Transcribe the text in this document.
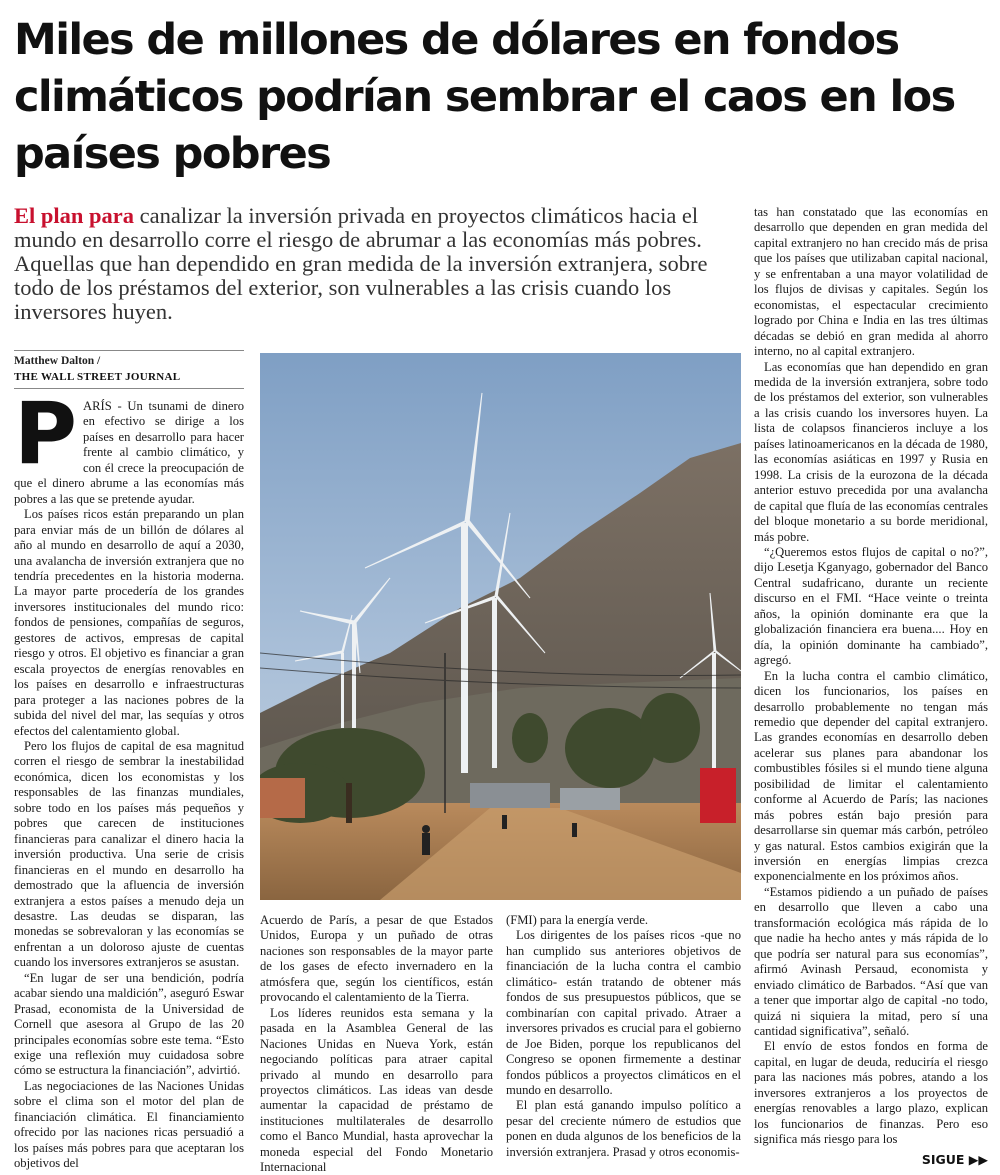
Miles de millones de dólares en fondos climáticos podrían sembrar el caos en los países pobres
El plan para canalizar la inversión privada en proyectos climáticos hacia el mundo en desarrollo corre el riesgo de abrumar a las economías más pobres. Aquellas que han dependido en gran medida de la inversión extranjera, sobre todo de los préstamos del exterior, son vulnerables a las crisis cuando los inversores huyen.
Matthew Dalton /
THE WALL STREET JOURNAL

PARÍS - Un tsunami de dinero en efectivo se dirige a los países en desarrollo para hacer frente al cambio climático, y con él crece la preocupación de que el dinero abrume a las economías más pobres a las que se pretende ayudar.

Los países ricos están preparando un plan para enviar más de un billón de dólares al año al mundo en desarrollo de aquí a 2030, una avalancha de inversión extranjera que no tendría precedentes en la historia moderna. La mayor parte procedería de los grandes inversores institucionales del mundo rico: fondos de pensiones, compañías de seguros, gestores de activos, empresas de capital riesgo y otros. El objetivo es financiar a gran escala proyectos de energías renovables en los países en desarrollo e infraestructuras para proteger a las naciones pobres de la subida del nivel del mar, las sequías y otros efectos del calentamiento global.

Pero los flujos de capital de esa magnitud corren el riesgo de sembrar la inestabilidad económica, dicen los economistas y los responsables de las finanzas mundiales, sobre todo en los países más pequeños y pobres que carecen de instituciones financieras para canalizar el dinero hacia la inversión productiva. Una serie de crisis financieras en el mundo en desarrollo ha demostrado que la afluencia de inversión extranjera a estos países a menudo deja un desastre. Las deudas se disparan, las monedas se sobrevaloran y las economías se enfrentan a un doloroso ajuste de cuentas cuando los inversores extranjeros se asustan.

“En lugar de ser una bendición, podría acabar siendo una maldición”, aseguró Eswar Prasad, economista de la Universidad de Cornell que asesora al Grupo de las 20 principales economías sobre este tema. “Esto exige una reflexión muy cuidadosa sobre cómo se estructura la financiación”, advirtió.

Las negociaciones de las Naciones Unidas sobre el clima son el motor del plan de financiación climática. El financiamiento ofrecido por las naciones ricas persuadió a los países más pobres para que aceptaran los objetivos del

Acuerdo de París, a pesar de que Estados Unidos, Europa y un puñado de otras naciones son responsables de la mayor parte de los gases de efecto invernadero en la atmósfera que, según los científicos, están provocando el calentamiento de la Tierra.

Los líderes reunidos esta semana y la pasada en la Asamblea General de las Naciones Unidas en Nueva York, están negociando políticas para atraer capital privado al mundo en desarrollo para proyectos climáticos. Las ideas van desde aumentar la capacidad de préstamo de instituciones multilaterales de desarrollo como el Banco Mundial, hasta aprovechar la moneda especial del Fondo Monetario Internacional

(FMI) para la energía verde.

Los dirigentes de los países ricos -que no han cumplido sus anteriores objetivos de financiación de la lucha contra el cambio climático- están tratando de obtener más fondos de sus presupuestos públicos, que se combinarían con capital privado. Atraer a inversores privados es crucial para el gobierno de Joe Biden, porque los republicanos del Congreso se oponen firmemente a destinar fondos públicos a proyectos climáticos en el mundo en desarrollo.

El plan está ganando impulso político a pesar del creciente número de estudios que ponen en duda algunos de los beneficios de la inversión extranjera. Prasad y otros economis-

tas han constatado que las economías en desarrollo que dependen en gran medida del capital extranjero no han crecido más de prisa que los países que utilizaban capital nacional, y se enfrentaban a una mayor volatilidad de los flujos de divisas y capitales. Según los economistas, el espectacular crecimiento logrado por China e India en las tres últimas décadas se debió en gran medida al ahorro interno, no al capital extranjero.

Las economías que han dependido en gran medida de la inversión extranjera, sobre todo de los préstamos del exterior, son vulnerables a las crisis cuando los inversores huyen. La lista de colapsos financieros incluye a los países latinoamericanos en la década de 1980, las economías asiáticas en 1997 y Rusia en 1998. La crisis de la eurozona de la década anterior estuvo precedida por una avalancha de capital que fluía de las economías centrales del bloque monetario a su borde meridional, más pobre.

“¿Queremos estos flujos de capital o no?”, dijo Lesetja Kganyago, gobernador del Banco Central sudafricano, durante un reciente discurso en el FMI. “Hace veinte o treinta años, la opinión dominante era que la globalización financiera era buena.... Hoy en día, la opinión dominante ha cambiado”, agregó.

En la lucha contra el cambio climático, dicen los funcionarios, los países en desarrollo probablemente no tengan más remedio que depender del capital extranjero. Las grandes economías en desarrollo deben acelerar sus planes para abandonar los combustibles fósiles si el mundo tiene alguna posibilidad de limitar el calentamiento conforme al Acuerdo de París; las naciones más pobres están bajo presión para desarrollarse sin quemar más carbón, petróleo y gas natural. Estos cambios exigirán que la inversión en energías limpias crezca exponencialmente en los próximos años.

“Estamos pidiendo a un puñado de países en desarrollo que lleven a cabo una transformación ecológica más rápida de lo que nadie ha hecho antes y más rápida de lo que podría ser natural para sus economías”, afirmó Avinash Persaud, economista y enviado climático de Barbados. “Así que van a tener que importar algo de capital -no todo, quizá ni siquiera la mitad, pero sí una cantidad significativa”, señaló.

El envío de estos fondos en forma de capital, en lugar de deuda, reduciría el riesgo para las naciones más pobres, atando a los inversores extranjeros a los proyectos de energías renovables a largo plazo, explican los funcionarios de finanzas. Pero eso significa más riesgo para los

SIGUE ▶▶
